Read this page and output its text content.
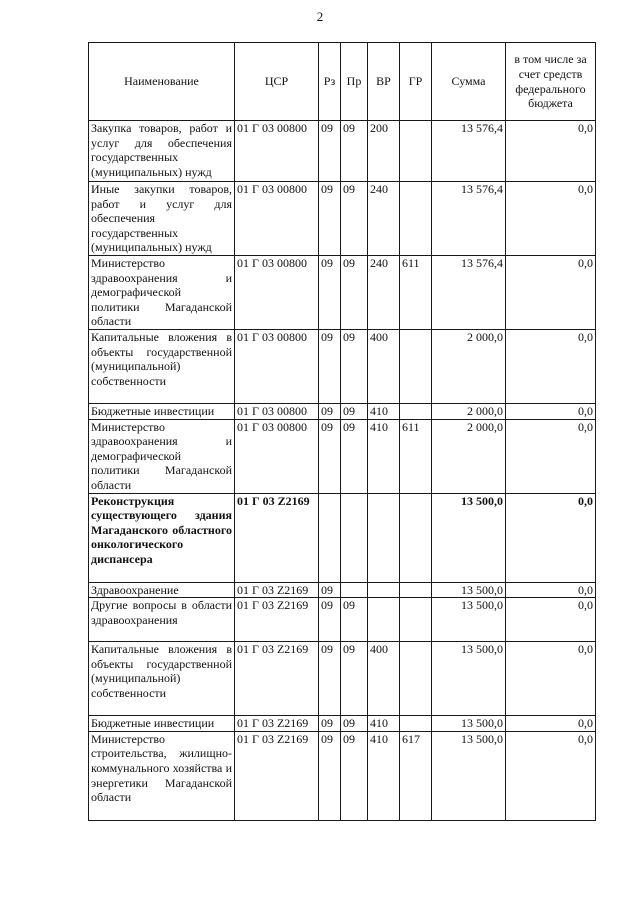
2
Наименование	ЦСР	Рз	Пр	ВР	ГР	Сумма	в том числе за счет средств федерального бюджета
Закупка товаров, работ и услуг для обеспечения государственных (муниципальных) нужд	01 Г 03 00800	09	09	200		13 576,4	0,0
Иные закупки товаров, работ и услуг для обеспечения государственных (муниципальных) нужд	01 Г 03 00800	09	09	240		13 576,4	0,0
Министерство здравоохранения и демографической политики Магаданской области	01 Г 03 00800	09	09	240	611	13 576,4	0,0
Капитальные вложения в объекты государственной (муниципальной) собственности	01 Г 03 00800	09	09	400		2 000,0	0,0
Бюджетные инвестиции	01 Г 03 00800	09	09	410		2 000,0	0,0
Министерство здравоохранения и демографической политики Магаданской области	01 Г 03 00800	09	09	410	611	2 000,0	0,0
Реконструкция существующего здания Магаданского областного онкологического диспансера	01 Г 03 Z2169					13 500,0	0,0
Здравоохранение	01 Г 03 Z2169	09				13 500,0	0,0
Другие вопросы в области здравоохранения	01 Г 03 Z2169	09	09			13 500,0	0,0
Капитальные вложения в объекты государственной (муниципальной) собственности	01 Г 03 Z2169	09	09	400		13 500,0	0,0
Бюджетные инвестиции	01 Г 03 Z2169	09	09	410		13 500,0	0,0
Министерство строительства, жилищно-коммунального хозяйства и энергетики Магаданской области	01 Г 03 Z2169	09	09	410	617	13 500,0	0,0
